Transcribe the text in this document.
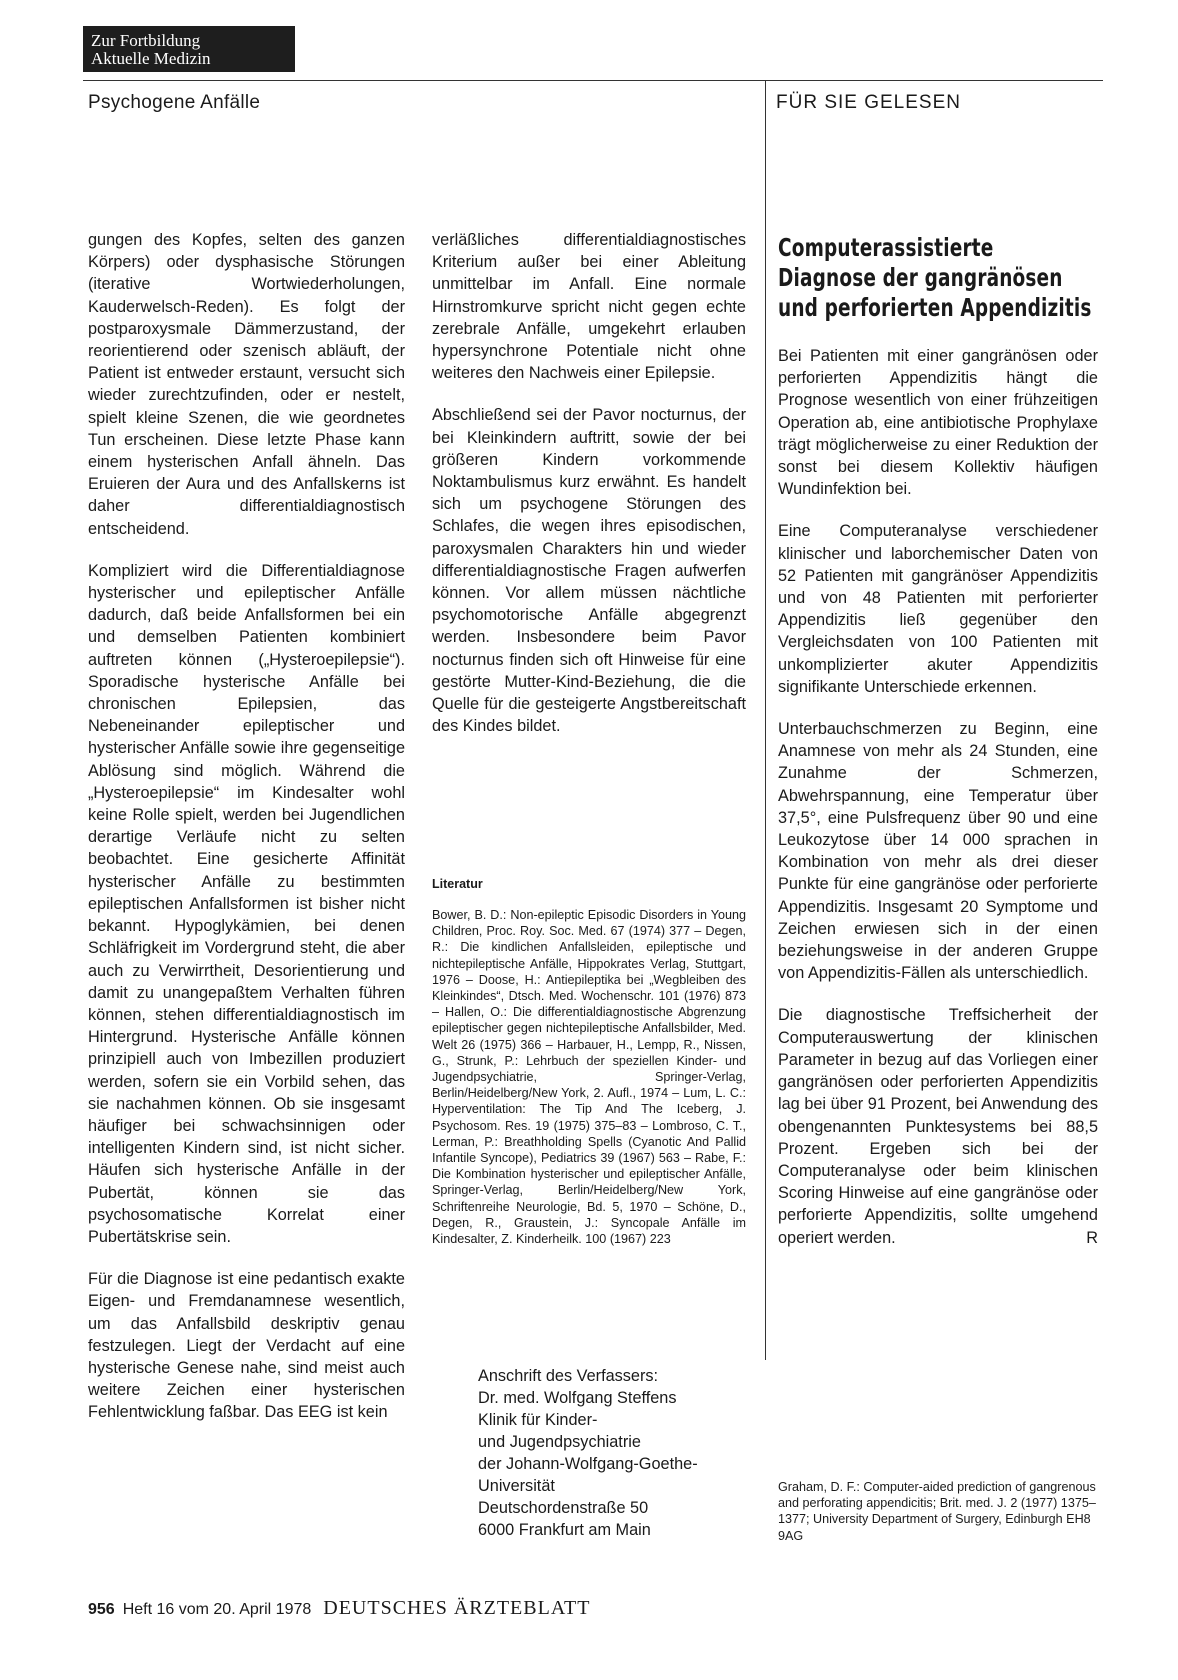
Zur Fortbildung
Aktuelle Medizin
Psychogene Anfälle	FÜR SIE GELESEN

gungen des Kopfes, selten des ganzen Körpers) oder dysphasische Störungen (iterative Wortwiederholungen, Kauderwelsch-Reden). Es folgt der postparoxysmale Dämmerzustand, der reorientierend oder szenisch abläuft, der Patient ist entweder erstaunt, versucht sich wieder zurechtzufinden, oder er nestelt, spielt kleine Szenen, die wie geordnetes Tun erscheinen. Diese letzte Phase kann einem hysterischen Anfall ähneln. Das Eruieren der Aura und des Anfallskerns ist daher differentialdiagnostisch entscheidend.

Kompliziert wird die Differentialdiagnose hysterischer und epileptischer Anfälle dadurch, daß beide Anfallsformen bei ein und demselben Patienten kombiniert auftreten können („Hysteroepilepsie“). Sporadische hysterische Anfälle bei chronischen Epilepsien, das Nebeneinander epileptischer und hysterischer Anfälle sowie ihre gegenseitige Ablösung sind möglich. Während die „Hysteroepilepsie“ im Kindesalter wohl keine Rolle spielt, werden bei Jugendlichen derartige Verläufe nicht zu selten beobachtet. Eine gesicherte Affinität hysterischer Anfälle zu bestimmten epileptischen Anfallsformen ist bisher nicht bekannt. Hypoglykämien, bei denen Schläfrigkeit im Vordergrund steht, die aber auch zu Verwirrtheit, Desorientierung und damit zu unangepaßtem Verhalten führen können, stehen differentialdiagnostisch im Hintergrund. Hysterische Anfälle können prinzipiell auch von Imbezillen produziert werden, sofern sie ein Vorbild sehen, das sie nachahmen können. Ob sie insgesamt häufiger bei schwachsinnigen oder intelligenten Kindern sind, ist nicht sicher. Häufen sich hysterische Anfälle in der Pubertät, können sie das psychosomatische Korrelat einer Pubertätskrise sein.

Für die Diagnose ist eine pedantisch exakte Eigen- und Fremdanamnese wesentlich, um das Anfallsbild deskriptiv genau festzulegen. Liegt der Verdacht auf eine hysterische Genese nahe, sind meist auch weitere Zeichen einer hysterischen Fehlentwicklung faßbar. Das EEG ist kein

verläßliches differentialdiagnostisches Kriterium außer bei einer Ableitung unmittelbar im Anfall. Eine normale Hirnstromkurve spricht nicht gegen echte zerebrale Anfälle, umgekehrt erlauben hypersynchrone Potentiale nicht ohne weiteres den Nachweis einer Epilepsie.

Abschließend sei der Pavor nocturnus, der bei Kleinkindern auftritt, sowie der bei größeren Kindern vorkommende Noktambulismus kurz erwähnt. Es handelt sich um psychogene Störungen des Schlafes, die wegen ihres episodischen, paroxysmalen Charakters hin und wieder differentialdiagnostische Fragen aufwerfen können. Vor allem müssen nächtliche psychomotorische Anfälle abgegrenzt werden. Insbesondere beim Pavor nocturnus finden sich oft Hinweise für eine gestörte Mutter-Kind-Beziehung, die die Quelle für die gesteigerte Angstbereitschaft des Kindes bildet.

Literatur

Bower, B. D.: Non-epileptic Episodic Disorders in Young Children, Proc. Roy. Soc. Med. 67 (1974) 377 – Degen, R.: Die kindlichen Anfallsleiden, epileptische und nichtepileptische Anfälle, Hippokrates Verlag, Stuttgart, 1976 – Doose, H.: Antiepileptika bei „Wegbleiben des Kleinkindes“, Dtsch. Med. Wochenschr. 101 (1976) 873 – Hallen, O.: Die differentialdiagnostische Abgrenzung epileptischer gegen nichtepileptische Anfallsbilder, Med. Welt 26 (1975) 366 – Harbauer, H., Lempp, R., Nissen, G., Strunk, P.: Lehrbuch der speziellen Kinder- und Jugendpsychiatrie, Springer-Verlag, Berlin/Heidelberg/New York, 2. Aufl., 1974 – Lum, L. C.: Hyperventilation: The Tip And The Iceberg, J. Psychosom. Res. 19 (1975) 375–83 – Lombroso, C. T., Lerman, P.: Breathholding Spells (Cyanotic And Pallid Infantile Syncope), Pediatrics 39 (1967) 563 – Rabe, F.: Die Kombination hysterischer und epileptischer Anfälle, Springer-Verlag, Berlin/Heidelberg/New York, Schriftenreihe Neurologie, Bd. 5, 1970 – Schöne, D., Degen, R., Graustein, J.: Syncopale Anfälle im Kindesalter, Z. Kinderheilk. 100 (1967) 223

Anschrift des Verfassers:
Dr. med. Wolfgang Steffens
Klinik für Kinder-
und Jugendpsychiatrie
der Johann-Wolfgang-Goethe-
Universität
Deutschordenstraße 50
6000 Frankfurt am Main
Computerassistierte Diagnose der gangränösen und perforierten Appendizitis

Bei Patienten mit einer gangränösen oder perforierten Appendizitis hängt die Prognose wesentlich von einer frühzeitigen Operation ab, eine antibiotische Prophylaxe trägt möglicherweise zu einer Reduktion der sonst bei diesem Kollektiv häufigen Wundinfektion bei.

Eine Computeranalyse verschiedener klinischer und laborchemischer Daten von 52 Patienten mit gangränöser Appendizitis und von 48 Patienten mit perforierter Appendizitis ließ gegenüber den Vergleichsdaten von 100 Patienten mit unkomplizierter akuter Appendizitis signifikante Unterschiede erkennen.

Unterbauchschmerzen zu Beginn, eine Anamnese von mehr als 24 Stunden, eine Zunahme der Schmerzen, Abwehrspannung, eine Temperatur über 37,5°, eine Pulsfrequenz über 90 und eine Leukozytose über 14 000 sprachen in Kombination von mehr als drei dieser Punkte für eine gangränöse oder perforierte Appendizitis. Insgesamt 20 Symptome und Zeichen erwiesen sich in der einen beziehungsweise in der anderen Gruppe von Appendizitis-Fällen als unterschiedlich.

Die diagnostische Treffsicherheit der Computerauswertung der klinischen Parameter in bezug auf das Vorliegen einer gangränösen oder perforierten Appendizitis lag bei über 91 Prozent, bei Anwendung des obengenannten Punktesystems bei 88,5 Prozent. Ergeben sich bei der Computeranalyse oder beim klinischen Scoring Hinweise auf eine gangränöse oder perforierte Appendizitis, sollte umgehend operiert werden.	R

Graham, D. F.: Computer-aided prediction of gangrenous and perforating appendicitis; Brit. med. J. 2 (1977) 1375–1377; University Department of Surgery, Edinburgh EH8 9AG

956 Heft 16 vom 20. April 1978 DEUTSCHES ÄRZTEBLATT
